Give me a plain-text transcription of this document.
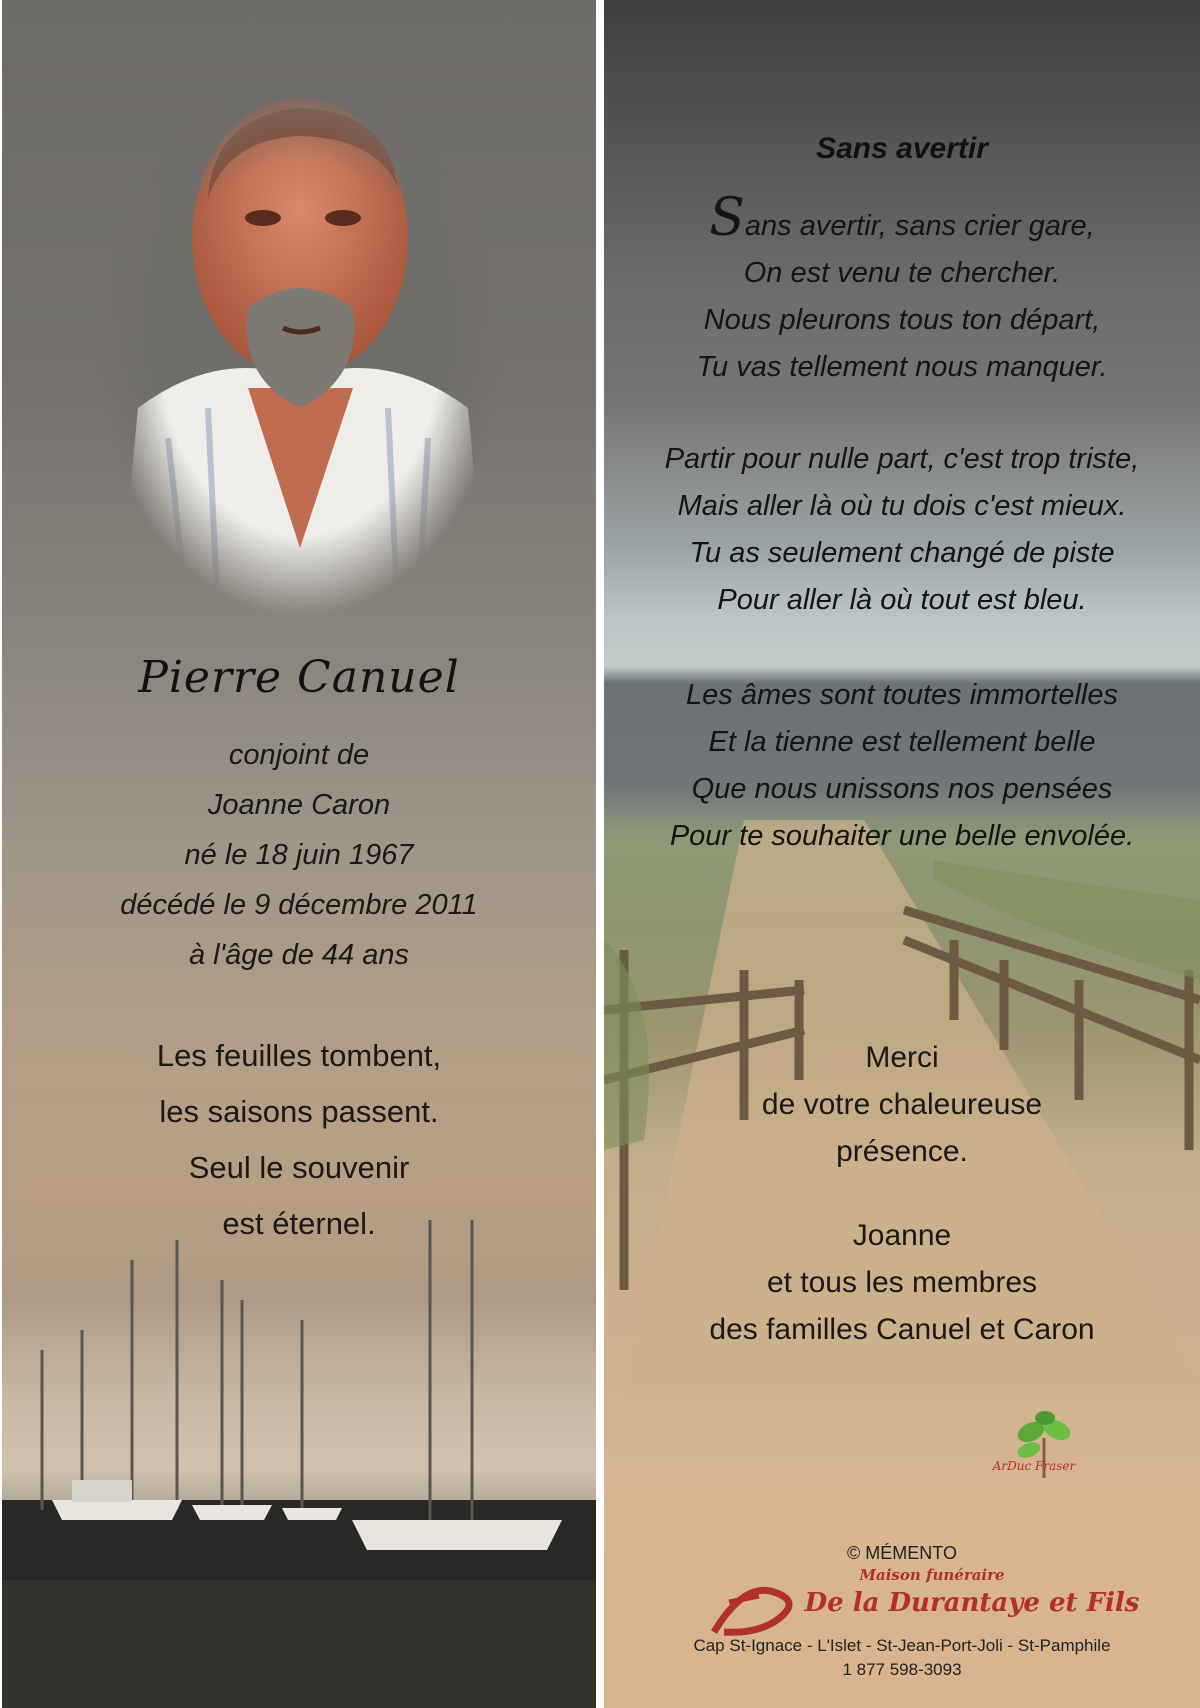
Pierre Canuel

conjoint de
Joanne Caron
né le 18 juin 1967
décédé le 9 décembre 2011
à l'âge de 44 ans
Les feuilles tombent,
les saisons passent.
Seul le souvenir
est éternel.

Sans avertir

Sans avertir, sans crier gare,
On est venu te chercher.
Nous pleurons tous ton départ,
Tu vas tellement nous manquer.
Partir pour nulle part, c'est trop triste,
Mais aller là où tu dois c'est mieux.
Tu as seulement changé de piste
Pour aller là où tout est bleu.
Les âmes sont toutes immortelles
Et la tienne est tellement belle
Que nous unissons nos pensées
Pour te souhaiter une belle envolée.
Merci
de votre chaleureuse
présence.
Joanne
et tous les membres
des familles Canuel et Caron
ArDuc Fraser

© MÉMENTO

Maison funéraire

De la Durantaye et Fils

Cap St-Ignace - L'Islet - St-Jean-Port-Joli - St-Pamphile

1 877 598-3093
